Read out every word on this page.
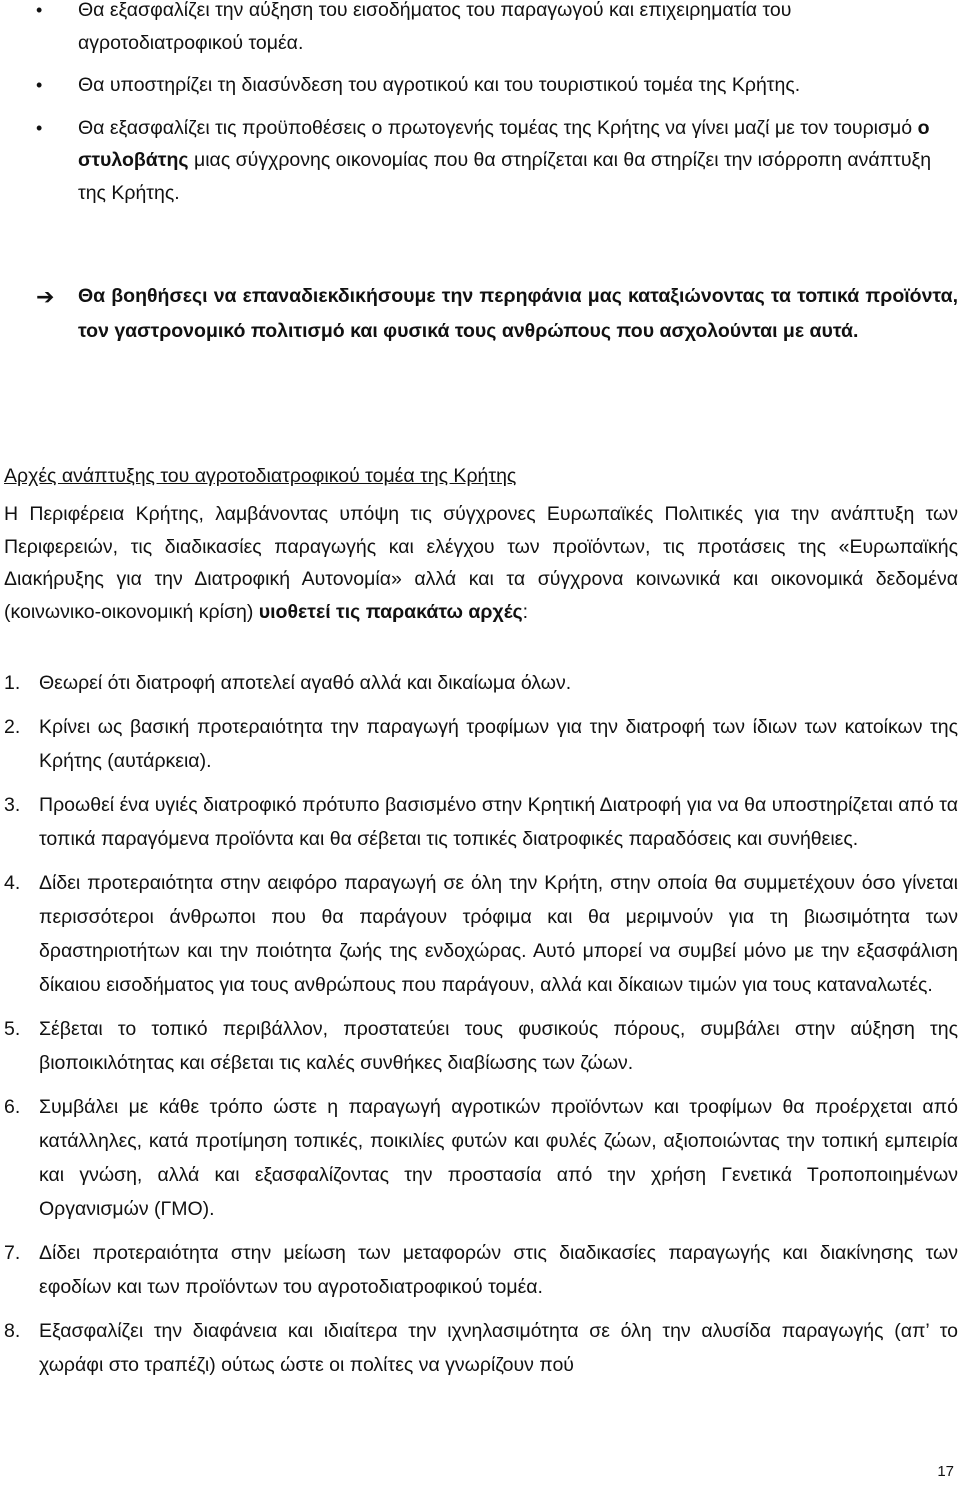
• Θα εξασφαλίζει την αύξηση του εισοδήματος του παραγωγού και επιχειρηματία του αγροτοδιατροφικού τομέα.
• Θα υποστηρίζει τη διασύνδεση του αγροτικού και του τουριστικού τομέα της Κρήτης.
• Θα εξασφαλίζει τις προϋποθέσεις ο πρωτογενής τομέας της Κρήτης να γίνει μαζί με τον τουρισμό ο στυλοβάτης μιας σύγχρονης οικονομίας που θα στηρίζεται και θα στηρίζει την ισόρροπη ανάπτυξη της Κρήτης.
➔ Θα βοηθήσεςι να επαναδιεκδικήσουμε την περηφάνια μας καταξιώνοντας τα τοπικά προϊόντα, τον γαστρονομικό πολιτισμό και φυσικά τους ανθρώπους που ασχολούνται με αυτά.
Αρχές ανάπτυξης του αγροτοδιατροφικού τομέα της Κρήτης

Η Περιφέρεια Κρήτης, λαμβάνοντας υπόψη τις σύγχρονες Ευρωπαϊκές Πολιτικές για την ανάπτυξη των Περιφερειών, τις διαδικασίες παραγωγής και ελέγχου των προϊόντων, τις προτάσεις της «Ευρωπαϊκής Διακήρυξης για την Διατροφική Αυτονομία» αλλά και τα σύγχρονα κοινωνικά και οικονομικά δεδομένα (κοινωνικο-οικονομική κρίση) υιοθετεί τις παρακάτω αρχές:

1. Θεωρεί ότι διατροφή αποτελεί αγαθό αλλά και δικαίωμα όλων.
2. Κρίνει ως βασική προτεραιότητα την παραγωγή τροφίμων για την διατροφή των ίδιων των κατοίκων της Κρήτης (αυτάρκεια).
3. Προωθεί ένα υγιές διατροφικό πρότυπο βασισμένο στην Κρητική Διατροφή για να θα υποστηρίζεται από τα τοπικά παραγόμενα προϊόντα και θα σέβεται τις τοπικές διατροφικές παραδόσεις και συνήθειες.
4. Δίδει προτεραιότητα στην αειφόρο παραγωγή σε όλη την Κρήτη, στην οποία θα συμμετέχουν όσο γίνεται περισσότεροι άνθρωποι που θα παράγουν τρόφιμα και θα μεριμνούν για τη βιωσιμότητα των δραστηριοτήτων και την ποιότητα ζωής της ενδοχώρας. Αυτό μπορεί να συμβεί μόνο με την εξασφάλιση δίκαιου εισοδήματος για τους ανθρώπους που παράγουν, αλλά και δίκαιων τιμών για τους καταναλωτές.
5. Σέβεται το τοπικό περιβάλλον, προστατεύει τους φυσικούς πόρους, συμβάλει στην αύξηση της βιοποικιλότητας και σέβεται τις καλές συνθήκες διαβίωσης των ζώων.
6. Συμβάλει με κάθε τρόπο ώστε η παραγωγή αγροτικών προϊόντων και τροφίμων θα προέρχεται από κατάλληλες, κατά προτίμηση τοπικές, ποικιλίες φυτών και φυλές ζώων, αξιοποιώντας την τοπική εμπειρία και γνώση, αλλά και εξασφαλίζοντας την προστασία από την χρήση Γενετικά Τροποποιημένων Οργανισμών (ΓΜΟ).
7. Δίδει προτεραιότητα στην μείωση των μεταφορών στις διαδικασίες παραγωγής και διακίνησης των εφοδίων και των προϊόντων του αγροτοδιατροφικού τομέα.
8. Εξασφαλίζει την διαφάνεια και ιδιαίτερα την ιχνηλασιμότητα σε όλη την αλυσίδα παραγωγής (απ’ το χωράφι στο τραπέζι) ούτως ώστε οι πολίτες να γνωρίζουν πού
17
